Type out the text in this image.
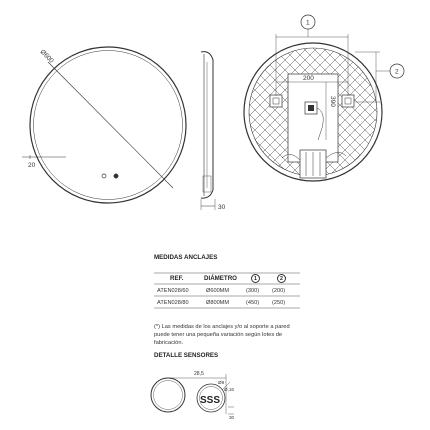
Ø600
20
30
1
2
200
390
28,5
Ø8
Ø,16
SSS
30
MEDIDAS ANCLAJES
REF.	DIÁMETRO	1	2
ATEN028/60	Ø600MM	(300) (200)
ATEN028/80	Ø800MM	(450) (250)
(*) Las medidas de los anclajes y/o al soporte a pared puede tener una pequeña variación según lotes de fabricación.
DETALLE SENSORES
